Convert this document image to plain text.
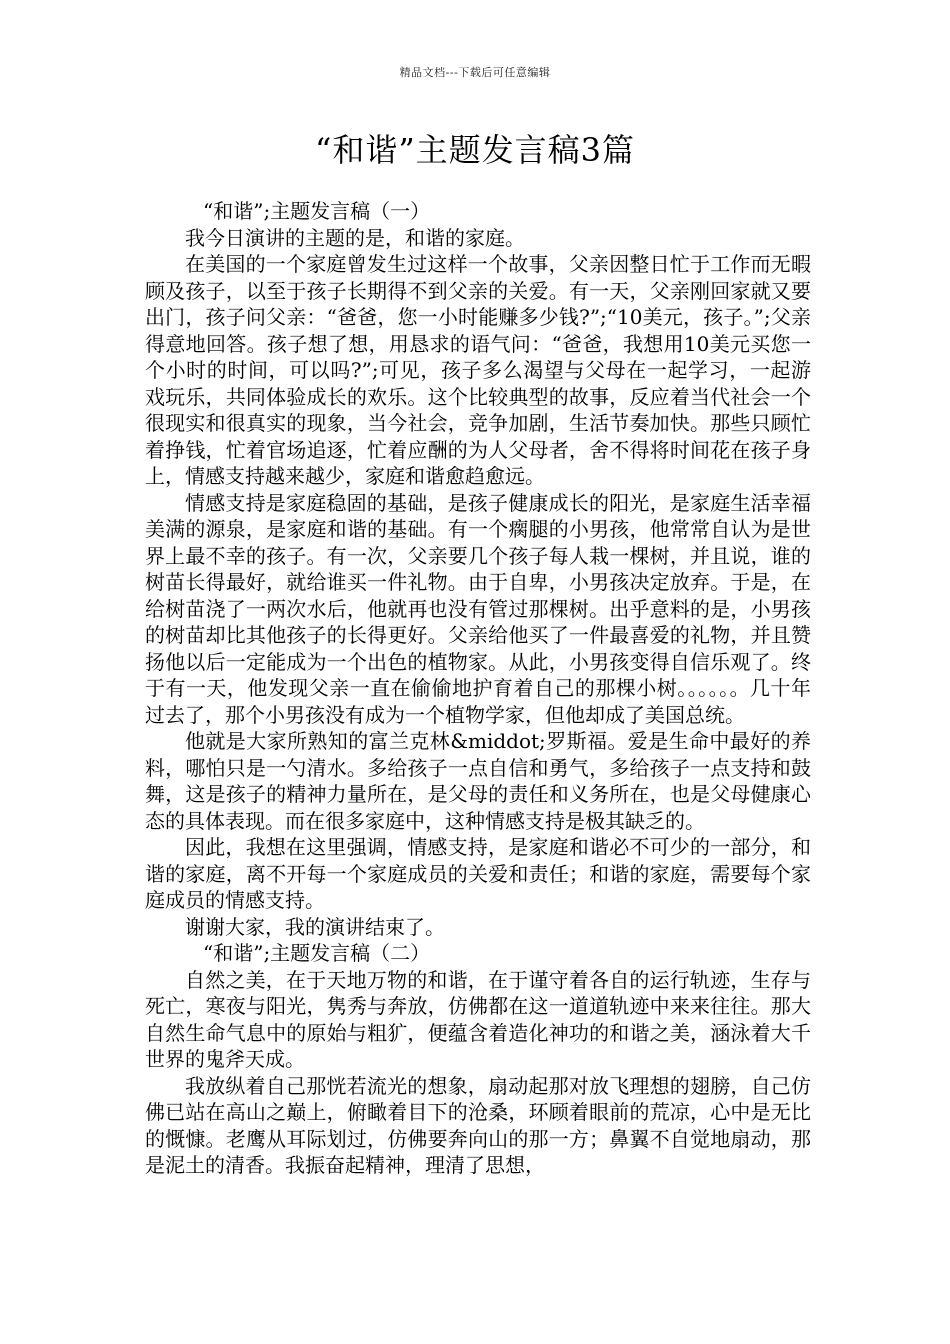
精品文档---下载后可任意编辑
“和谐”主题发言稿3篇

“和谐”;主题发言稿（一）

我今日演讲的主题的是，和谐的家庭。

在美国的一个家庭曾发生过这样一个故事，父亲因整日忙于工作而无暇顾及孩子，以至于孩子长期得不到父亲的关爱。有一天，父亲刚回家就又要出门，孩子问父亲：“爸爸，您一小时能赚多少钱?”;“10美元，孩子。”;父亲得意地回答。孩子想了想，用恳求的语气问：“爸爸，我想用10美元买您一个小时的时间，可以吗?”;可见，孩子多么渴望与父母在一起学习，一起游戏玩乐，共同体验成长的欢乐。这个比较典型的故事，反应着当代社会一个很现实和很真实的现象，当今社会，竞争加剧，生活节奏加快。那些只顾忙着挣钱，忙着官场追逐，忙着应酬的为人父母者，舍不得将时间花在孩子身上，情感支持越来越少，家庭和谐愈趋愈远。

情感支持是家庭稳固的基础，是孩子健康成长的阳光，是家庭生活幸福美满的源泉，是家庭和谐的基础。有一个瘸腿的小男孩，他常常自认为是世界上最不幸的孩子。有一次，父亲要几个孩子每人栽一棵树，并且说，谁的树苗长得最好，就给谁买一件礼物。由于自卑，小男孩决定放弃。于是，在给树苗浇了一两次水后，他就再也没有管过那棵树。出乎意料的是，小男孩的树苗却比其他孩子的长得更好。父亲给他买了一件最喜爱的礼物，并且赞扬他以后一定能成为一个出色的植物家。从此，小男孩变得自信乐观了。终于有一天，他发现父亲一直在偷偷地护育着自己的那棵小树。。。。。。几十年过去了，那个小男孩没有成为一个植物学家，但他却成了美国总统。

他就是大家所熟知的富兰克林&middot;罗斯福。爱是生命中最好的养料，哪怕只是一勺清水。多给孩子一点自信和勇气，多给孩子一点支持和鼓舞，这是孩子的精神力量所在，是父母的责任和义务所在，也是父母健康心态的具体表现。而在很多家庭中，这种情感支持是极其缺乏的。

因此，我想在这里强调，情感支持，是家庭和谐必不可少的一部分，和谐的家庭，离不开每一个家庭成员的关爱和责任；和谐的家庭，需要每个家庭成员的情感支持。

谢谢大家，我的演讲结束了。

“和谐”;主题发言稿（二）

自然之美，在于天地万物的和谐，在于谨守着各自的运行轨迹，生存与死亡，寒夜与阳光，隽秀与奔放，仿佛都在这一道道轨迹中来来往往。那大自然生命气息中的原始与粗犷，便蕴含着造化神功的和谐之美，涵泳着大千世界的鬼斧天成。

我放纵着自己那恍若流光的想象，扇动起那对放飞理想的翅膀，自己仿佛已站在高山之巅上，俯瞰着目下的沧桑，环顾着眼前的荒凉，心中是无比的慨慷。老鹰从耳际划过，仿佛要奔向山的那一方；鼻翼不自觉地扇动，那是泥土的清香。我振奋起精神，理清了思想，
